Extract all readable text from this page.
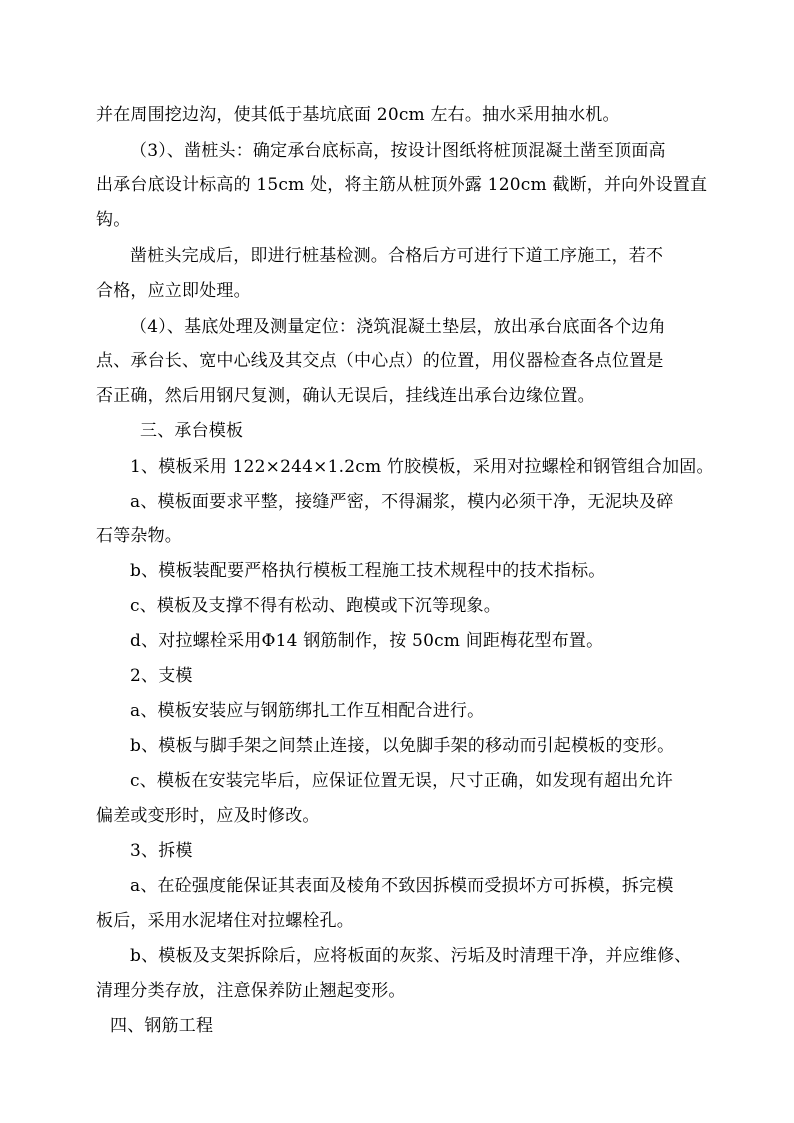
并在周围挖边沟，使其低于基坑底面 20cm 左右。抽水采用抽水机。
（3）、凿桩头：确定承台底标高，按设计图纸将桩顶混凝土凿至顶面高
出承台底设计标高的 15cm 处，将主筋从桩顶外露 120cm 截断，并向外设置直
钩。
凿桩头完成后，即进行桩基检测。合格后方可进行下道工序施工，若不
合格，应立即处理。
（4）、基底处理及测量定位：浇筑混凝土垫层，放出承台底面各个边角
点、承台长、宽中心线及其交点（中心点）的位置，用仪器检查各点位置是
否正确，然后用钢尺复测，确认无误后，挂线连出承台边缘位置。
三、承台模板
1、模板采用 122×244×1.2cm 竹胶模板，采用对拉螺栓和钢管组合加固。
a、模板面要求平整，接缝严密，不得漏浆，模内必须干净，无泥块及碎
石等杂物。
b、模板装配要严格执行模板工程施工技术规程中的技术指标。
c、模板及支撑不得有松动、跑模或下沉等现象。
d、对拉螺栓采用Φ14 钢筋制作，按 50cm 间距梅花型布置。
2、支模
a、模板安装应与钢筋绑扎工作互相配合进行。
b、模板与脚手架之间禁止连接，以免脚手架的移动而引起模板的变形。
c、模板在安装完毕后，应保证位置无误，尺寸正确，如发现有超出允许
偏差或变形时，应及时修改。
3、拆模
a、在砼强度能保证其表面及棱角不致因拆模而受损坏方可拆模，拆完模
板后，采用水泥堵住对拉螺栓孔。
b、模板及支架拆除后，应将板面的灰浆、污垢及时清理干净，并应维修、
清理分类存放，注意保养防止翘起变形。
四、钢筋工程
